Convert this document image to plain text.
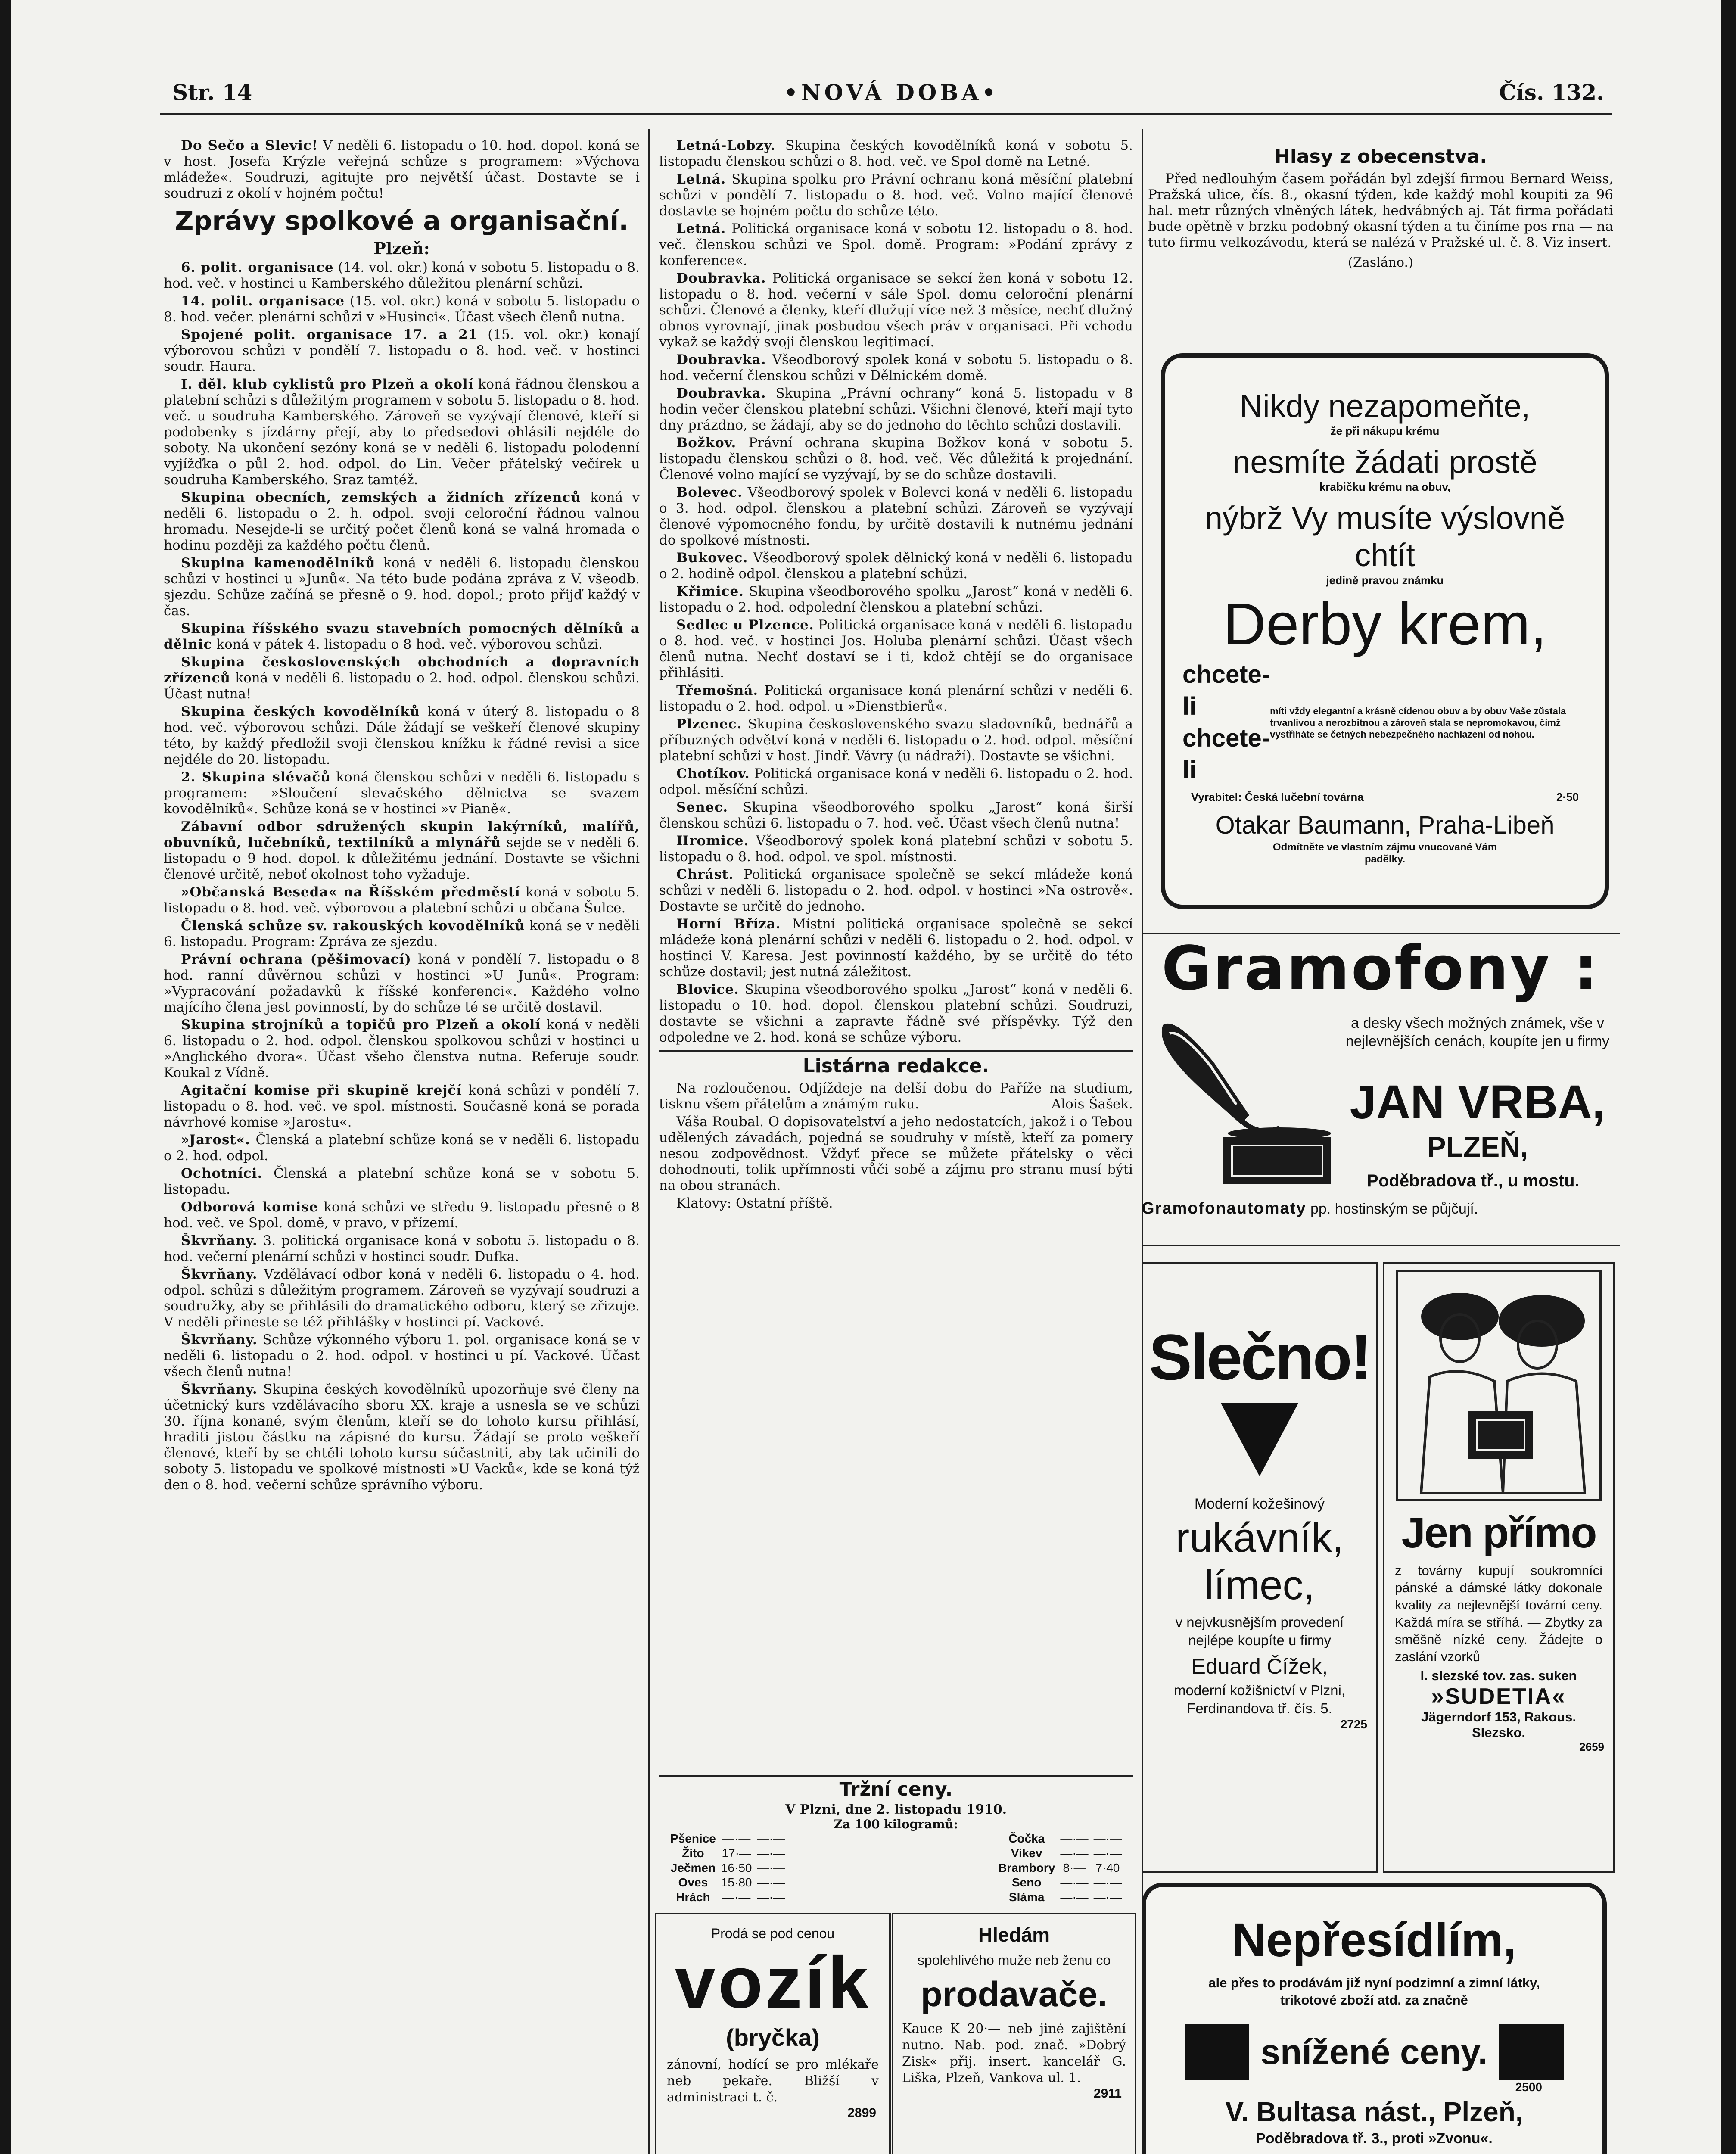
Str. 14	•NOVÁ DOBA•	Čís. 132.

Do Sečo a Slevic! V neděli 6. listopadu o 10. hod. dopol. koná se v host. Josefa Krýzle veřejná schůze s programem: »Výchova mládeže«. Soudruzi, agitujte pro největší účast. Dostavte se i soudruzi z okolí v hojném počtu!

Zprávy spolkové a organisační.
Plzeň:

6. polit. organisace (14. vol. okr.) koná v sobotu 5. listopadu o 8. hod. več. v hostinci u Kamberského důležitou plenární schůzi.

14. polit. organisace (15. vol. okr.) koná v sobotu 5. listopadu o 8. hod. večer. plenární schůzi v »Husinci«. Účast všech členů nutna.

Spojené polit. organisace 17. a 21 (15. vol. okr.) konají výborovou schůzi v pondělí 7. listopadu o 8. hod. več. v hostinci soudr. Haura.

I. děl. klub cyklistů pro Plzeň a okolí koná řádnou členskou a platební schůzi s důležitým programem v sobotu 5. listopadu o 8. hod. več. u soudruha Kamberského. Zároveň se vyzývají členové, kteří si podobenky s jízdárny přejí, aby to předsedovi ohlásili nejdéle do soboty. Na ukončení sezóny koná se v neděli 6. listopadu polodenní vyjížďka o půl 2. hod. odpol. do Lin. Večer přátelský večírek u soudruha Kamberského. Sraz tamtéž.

Skupina obecních, zemských a židních zřízenců koná v neděli 6. listopadu o 2. h. odpol. svoji celoroční řádnou valnou hromadu. Nesejde-li se určitý počet členů koná se valná hromada o hodinu později za každého počtu členů.

Skupina kamenodělníků koná v neděli 6. listopadu členskou schůzi v hostinci u »Junů«. Na této bude podána zpráva z V. všeodb. sjezdu. Schůze začíná se přesně o 9. hod. dopol.; proto přijď každý v čas.

Skupina říšského svazu stavebních pomocných dělníků a dělnic koná v pátek 4. listopadu o 8 hod. več. výborovou schůzi.

Skupina československých obchodních a dopravních zřízenců koná v neděli 6. listopadu o 2. hod. odpol. členskou schůzi. Účast nutna!

Skupina českých kovodělníků koná v úterý 8. listopadu o 8 hod. več. výborovou schůzi. Dále žádají se veškeří členové skupiny této, by každý předložil svoji členskou knížku k řádné revisi a sice nejdéle do 20. listopadu.

2. Skupina slévačů koná členskou schůzi v neděli 6. listopadu s programem: »Sloučení slevačského dělnictva se svazem kovodělníků«. Schůze koná se v hostinci »v Pianě«.

Zábavní odbor sdružených skupin lakýrníků, malířů, obuvníků, lučebníků, textilníků a mlynářů sejde se v neděli 6. listopadu o 9 hod. dopol. k důležitému jednání. Dostavte se všichni členové určitě, neboť okolnost toho vyžaduje.

»Občanská Beseda« na Říšském předměstí koná v sobotu 5. listopadu o 8. hod. več. výborovou a platební schůzi u občana Šulce.

Členská schůze sv. rakouských kovodělníků koná se v neděli 6. listopadu. Program: Zpráva ze sjezdu.

Právní ochrana (pěšimovací) koná v pondělí 7. listopadu o 8 hod. ranní důvěrnou schůzi v hostinci »U Junů«. Program: »Vypracování požadavků k říšské konferenci«. Každého volno majícího člena jest povinností, by do schůze té se určitě dostavil.

Skupina strojníků a topičů pro Plzeň a okolí koná v neděli 6. listopadu o 2. hod. odpol. členskou spolkovou schůzi v hostinci u »Anglického dvora«. Účast všeho členstva nutna. Referuje soudr. Koukal z Vídně.

Agitační komise při skupině krejčí koná schůzi v pondělí 7. listopadu o 8. hod. več. ve spol. místnosti. Současně koná se porada návrhové komise »Jarostu«.

»Jarost«. Členská a platební schůze koná se v neděli 6. listopadu o 2. hod. odpol.

Ochotníci. Členská a platební schůze koná se v sobotu 5. listopadu.

Odborová komise koná schůzi ve středu 9. listopadu přesně o 8 hod. več. ve Spol. domě, v pravo, v přízemí.

Škvrňany. 3. politická organisace koná v sobotu 5. listopadu o 8. hod. večerní plenární schůzi v hostinci soudr. Dufka.

Škvrňany. Vzdělávací odbor koná v neděli 6. listopadu o 4. hod. odpol. schůzi s důležitým programem. Zároveň se vyzývají soudruzi a soudružky, aby se přihlásili do dramatického odboru, který se zřizuje. V neděli přineste se též přihlášky v hostinci pí. Vackové.

Škvrňany. Schůze výkonného výboru 1. pol. organisace koná se v neděli 6. listopadu o 2. hod. odpol. v hostinci u pí. Vackové. Účast všech členů nutna!

Škvrňany. Skupina českých kovodělníků upozorňuje své členy na účetnický kurs vzdělávacího sboru XX. kraje a usnesla se ve schůzi 30. října konané, svým členům, kteří se do tohoto kursu přihlásí, hraditi jistou částku na zápisné do kursu. Žádají se proto veškeří členové, kteří by se chtěli tohoto kursu súčastniti, aby tak učinili do soboty 5. listopadu ve spolkové místnosti »U Vacků«, kde se koná týž den o 8. hod. večerní schůze správního výboru.

Letná-Lobzy. Skupina českých kovodělníků koná v sobotu 5. listopadu členskou schůzi o 8. hod. več. ve Spol domě na Letné.

Letná. Skupina spolku pro Právní ochranu koná měsíční platební schůzi v pondělí 7. listopadu o 8. hod. več. Volno mající členové dostavte se hojném počtu do schůze této.

Letná. Politická organisace koná v sobotu 12. listopadu o 8. hod. več. členskou schůzi ve Spol. domě. Program: »Podání zprávy z konference«.

Doubravka. Politická organisace se sekcí žen koná v sobotu 12. listopadu o 8. hod. večerní v sále Spol. domu celoroční plenární schůzi. Členové a členky, kteří dlužují více než 3 měsíce, nechť dlužný obnos vyrovnají, jinak posbudou všech práv v organisaci. Při vchodu vykaž se každý svoji členskou legitimací.

Doubravka. Všeodborový spolek koná v sobotu 5. listopadu o 8. hod. večerní členskou schůzi v Dělnickém domě.

Doubravka. Skupina „Právní ochrany“ koná 5. listopadu v 8 hodin večer členskou platební schůzi. Všichni členové, kteří mají tyto dny prázdno, se žádají, aby se do jednoho do těchto schůzi dostavili.

Božkov. Právní ochrana skupina Božkov koná v sobotu 5. listopadu členskou schůzi o 8. hod. več. Věc důležitá k projednání. Členové volno mající se vyzývají, by se do schůze dostavili.

Bolevec. Všeodborový spolek v Bolevci koná v neděli 6. listopadu o 3. hod. odpol. členskou a platební schůzi. Zároveň se vyzývají členové výpomocného fondu, by určitě dostavili k nutnému jednání do spolkové místnosti.

Bukovec. Všeodborový spolek dělnický koná v neděli 6. listopadu o 2. hodině odpol. členskou a platební schůzi.

Křimice. Skupina všeodborového spolku „Jarost“ koná v neděli 6. listopadu o 2. hod. odpolední členskou a platební schůzi.

Sedlec u Plzence. Politická organisace koná v neděli 6. listopadu o 8. hod. več. v hostinci Jos. Holuba plenární schůzi. Účast všech členů nutna. Nechť dostaví se i ti, kdož chtějí se do organisace přihlásiti.

Třemošná. Politická organisace koná plenární schůzi v neděli 6. listopadu o 2. hod. odpol. u »Dienstbierů«.

Plzenec. Skupina československého svazu sladovníků, bednářů a příbuzných odvětví koná v neděli 6. listopadu o 2. hod. odpol. měsíční platební schůzi v host. Jindř. Vávry (u nádraží). Dostavte se všichni.

Chotíkov. Politická organisace koná v neděli 6. listopadu o 2. hod. odpol. měsíční schůzi.

Senec. Skupina všeodborového spolku „Jarost“ koná širší členskou schůzi 6. listopadu o 7. hod. več. Účast všech členů nutna!

Hromice. Všeodborový spolek koná platební schůzi v sobotu 5. listopadu o 8. hod. odpol. ve spol. místnosti.

Chrást. Politická organisace společně se sekcí mládeže koná schůzi v neděli 6. listopadu o 2. hod. odpol. v hostinci »Na ostrově«. Dostavte se určitě do jednoho.

Horní Bříza. Místní politická organisace společně se sekcí mládeže koná plenární schůzi v neděli 6. listopadu o 2. hod. odpol. v hostinci V. Karesa. Jest povinností každého, by se určitě do této schůze dostavil; jest nutná záležitost.

Blovice. Skupina všeodborového spolku „Jarost“ koná v neděli 6. listopadu o 10. hod. dopol. členskou platební schůzi. Soudruzi, dostavte se všichni a zapravte řádně své příspěvky. Týž den odpoledne ve 2. hod. koná se schůze výboru.

Listárna redakce.

Na rozloučenou. Odjíždeje na delší dobu do Paříže na studium, tisknu všem přátelům a známým ruku.	Alois Šašek.

Váša Roubal. O dopisovatelství a jeho nedostatcích, jakož i o Tebou udělených závadách, pojedná se soudruhy v místě, kteří za pomery nesou zodpovědnost. Vždyť přece se můžete přátelsky o věci dohodnouti, tolik upřímnosti vůči sobě a zájmu pro stranu musí býti na obou stranách.

Klatovy: Ostatní příště.

Tržní ceny.
V Plzni, dne 2. listopadu 1910.
Za 100 kilogramů:
Pšenice	—·—	—·—
Žito	17·—	—·—
Ječmen	16·50	—·—
Oves	15·80	—·—
Hrách	—·—	—·—
Čočka	—·—	—·—
Vikev	—·—	—·—
Brambory	8·—	7·40
Seno	—·—	—·—
Sláma	—·—	—·—
Prodá se pod cenou
vozík
(bryčka)
zánovní, hodící se pro mlékaře neb pekaře. Bližší v administraci t. č.
2899
Hledám
spolehlivého muže neb ženu co
prodavače.
Kauce K 20·— neb jiné zajištění nutno. Nab. pod. znač. »Dobrý Zisk« přij. insert. kancelář G. Liška, Plzeň, Vankova ul. 1.
2911
Hlasy z obecenstva.
Před nedlouhým časem pořádán byl zdejší firmou Bernard Weiss, Pražská ulice, čís. 8., okasní týden, kde každý mohl koupiti za 96 hal. metr různých vlněných látek, hedvábných aj. Tát firma pořádati bude opětně v brzku podobný okasní týden a tu činíme pos rna — na tuto firmu velkozávodu, která se nalézá v Pražské ul. č. 8. Viz insert.
(Zasláno.)
Nikdy nezapomeňte,
že při nákupu krému
nesmíte žádati prostě
krabičku krému na obuv,
nýbrž Vy musíte výslovně chtít
jedině pravou známku
Derby krem,
chcete-li
chcete-li
míti vždy elegantní a krásně cídenou obuv a by obuv Vaše zůstala trvanlivou a nerozbitnou a zároveň stala se nepromokavou, čímž vystříháte se četných nebezpečného nachlazení od nohou.
Vyrabitel: Česká lučební továrna	2·50
Otakar Baumann, Praha-Libeň
Odmítněte ve vlastním zájmu vnucované Vám padělky.
Gramofony :
a desky všech možných známek, vše v nejlevnějších cenách, koupíte jen u firmy
JAN VRBA,
PLZEŇ,
Poděbradova tř., u mostu.
Gramofonautomaty pp. hostinským se půjčují.
Slečno!
Moderní kožešinový
rukávník,
límec,
v nejvkusnějším provedení nejlépe koupíte u firmy
Eduard Čížek,
moderní kožišnictví v Plzni, Ferdinandova tř. čís. 5.
2725
Jen přímo
z továrny kupují soukromníci pánské a dámské látky dokonale kvality za nejlevnější tovární ceny. Každá míra se stříhá. — Zbytky za směšně nízké ceny. Žádejte o zaslání vzorků
I. slezské tov. zas. suken
»SUDETIA«
Jägerndorf 153, Rakous. Slezsko.
2659
Nepřesídlím,
ale přes to prodávám již nyní podzimní a zimní látky, trikotové zboží atd. za značně
snížené ceny.
2500
V. Bultasa nást., Plzeň,
Poděbradova tř. 3., proti »Zvonu«.
